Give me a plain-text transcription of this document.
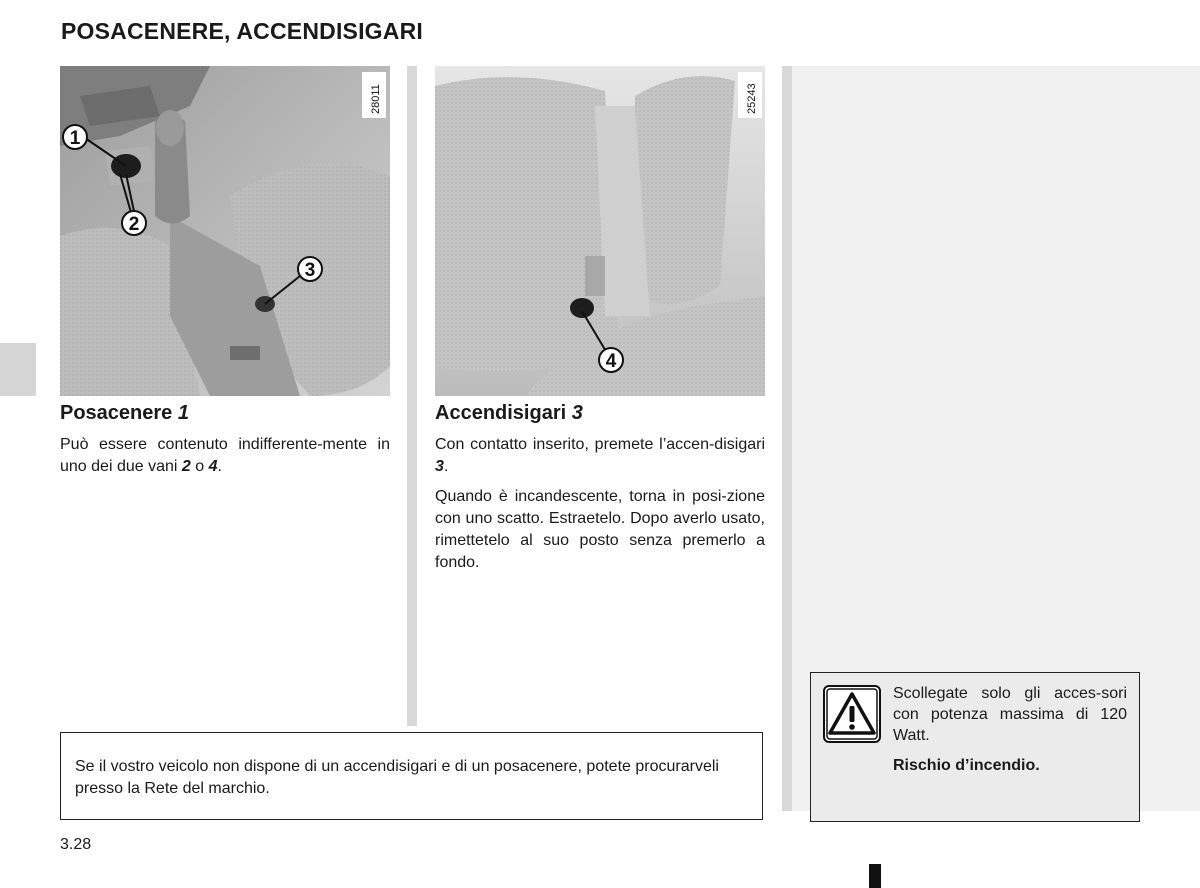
POSACENERE, ACCENDISIGARI
28011
1
2
3
25243
4
Posacenere 1

Può essere contenuto indifferente-mente in uno dei due vani 2 o 4.

Accendisigari 3

Con contatto inserito, premete l’accen-disigari 3.

Quando è incandescente, torna in posi-zione con uno scatto. Estraetelo. Dopo averlo usato, rimettetelo al suo posto senza premerlo a fondo.

Se il vostro veicolo non dispone di un accendisigari e di un posacenere, potete procurarveli presso la Rete del marchio.

Scollegate solo gli acces-sori con potenza massima di 120 Watt.

Rischio d’incendio.

3.28
